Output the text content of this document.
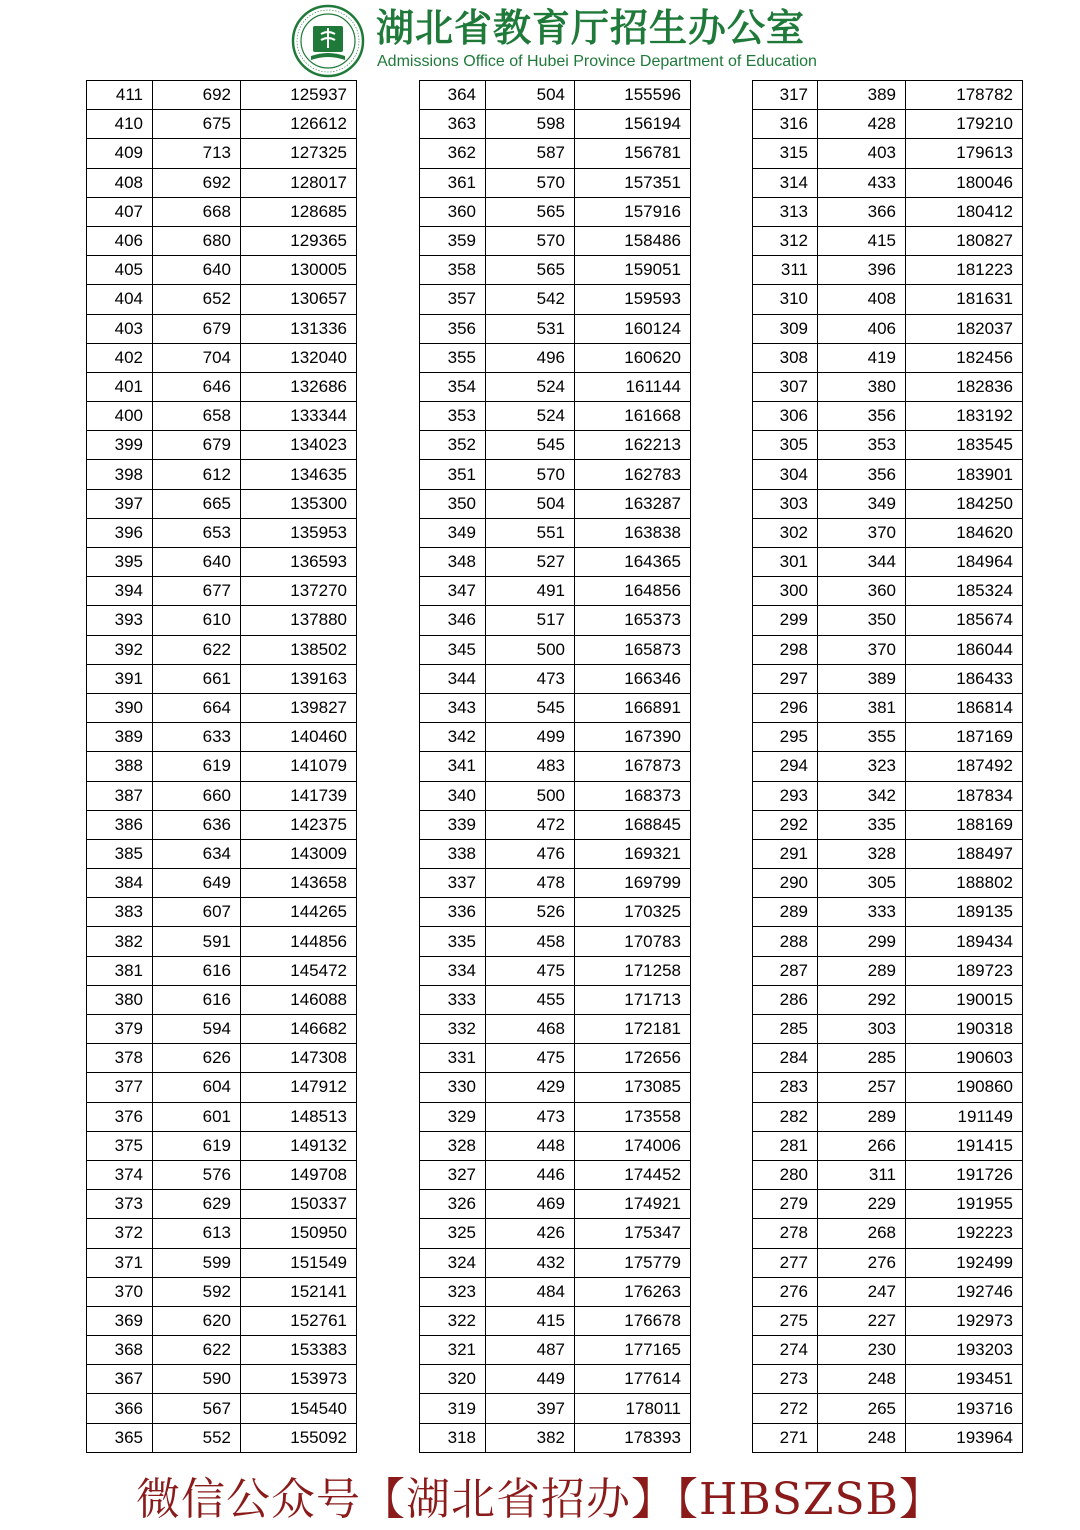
湖北省教育厅招生办公室
Admissions Office of Hubei Province Department of Education
411	692	125937
410	675	126612
409	713	127325
408	692	128017
407	668	128685
406	680	129365
405	640	130005
404	652	130657
403	679	131336
402	704	132040
401	646	132686
400	658	133344
399	679	134023
398	612	134635
397	665	135300
396	653	135953
395	640	136593
394	677	137270
393	610	137880
392	622	138502
391	661	139163
390	664	139827
389	633	140460
388	619	141079
387	660	141739
386	636	142375
385	634	143009
384	649	143658
383	607	144265
382	591	144856
381	616	145472
380	616	146088
379	594	146682
378	626	147308
377	604	147912
376	601	148513
375	619	149132
374	576	149708
373	629	150337
372	613	150950
371	599	151549
370	592	152141
369	620	152761
368	622	153383
367	590	153973
366	567	154540
365	552	155092
364	504	155596
363	598	156194
362	587	156781
361	570	157351
360	565	157916
359	570	158486
358	565	159051
357	542	159593
356	531	160124
355	496	160620
354	524	161144
353	524	161668
352	545	162213
351	570	162783
350	504	163287
349	551	163838
348	527	164365
347	491	164856
346	517	165373
345	500	165873
344	473	166346
343	545	166891
342	499	167390
341	483	167873
340	500	168373
339	472	168845
338	476	169321
337	478	169799
336	526	170325
335	458	170783
334	475	171258
333	455	171713
332	468	172181
331	475	172656
330	429	173085
329	473	173558
328	448	174006
327	446	174452
326	469	174921
325	426	175347
324	432	175779
323	484	176263
322	415	176678
321	487	177165
320	449	177614
319	397	178011
318	382	178393
317	389	178782
316	428	179210
315	403	179613
314	433	180046
313	366	180412
312	415	180827
311	396	181223
310	408	181631
309	406	182037
308	419	182456
307	380	182836
306	356	183192
305	353	183545
304	356	183901
303	349	184250
302	370	184620
301	344	184964
300	360	185324
299	350	185674
298	370	186044
297	389	186433
296	381	186814
295	355	187169
294	323	187492
293	342	187834
292	335	188169
291	328	188497
290	305	188802
289	333	189135
288	299	189434
287	289	189723
286	292	190015
285	303	190318
284	285	190603
283	257	190860
282	289	191149
281	266	191415
280	311	191726
279	229	191955
278	268	192223
277	276	192499
276	247	192746
275	227	192973
274	230	193203
273	248	193451
272	265	193716
271	248	193964
微信公众号【湖北省招办】【HBSZSB】
